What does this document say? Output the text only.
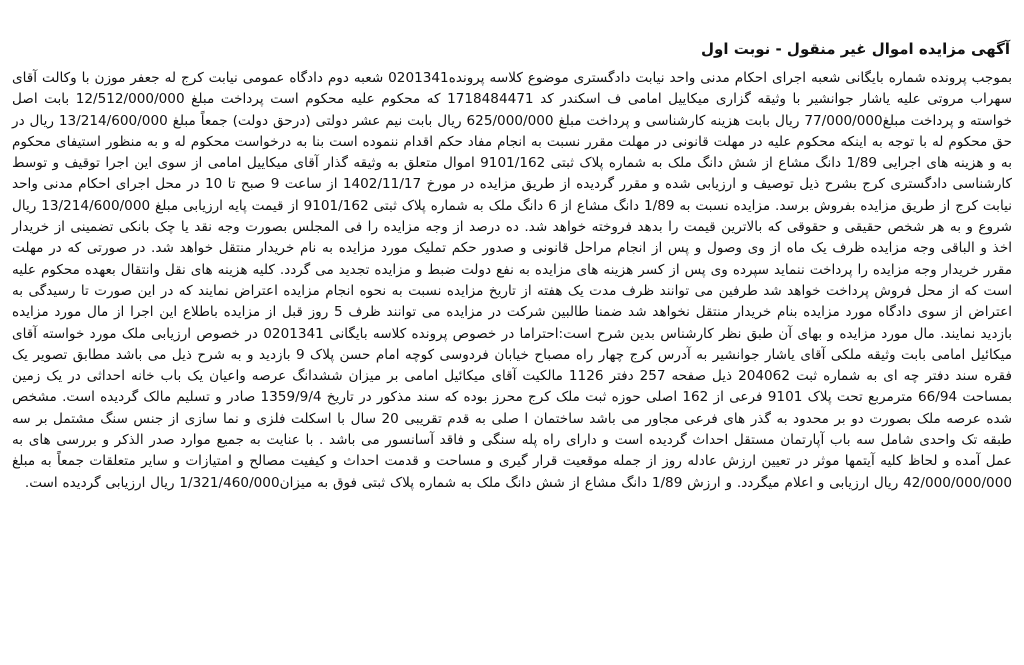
آگهی مزایده اموال غیر منقول - نوبت اول

بموجب پرونده شماره بایگانی شعبه اجرای احکام مدنی واحد نیابت دادگستری موضوع کلاسه پرونده0201341 شعبه دوم دادگاه عمومی نیابت کرج له جعفر موزن با وکالت آقای سهراب مروتی علیه یاشار جوانشیر با وثیقه گزاری میکاییل امامی ف اسکندر کد 1718484471 که محکوم علیه محکوم است پرداخت مبلغ 12/512/000/000 بابت اصل خواسته و پرداخت مبلغ77/000/000 ریال بابت هزینه کارشناسی و پرداخت مبلغ 625/000/000 ریال بابت نیم عشر دولتی (درحق دولت) جمعاً مبلغ 13/214/600/000 ریال در حق محکوم له با توجه به اینکه محکوم علیه در مهلت قانونی در مهلت مقرر نسبت به انجام مفاد حکم اقدام ننموده است بنا به درخواست محکوم له و به منظور استیفای محکوم به و هزینه های اجرایی 1/89 دانگ مشاع از شش دانگ ملک به شماره پلاک ثبتی 9101/162 اموال متعلق به وثیقه گذار آقای میکاییل امامی از سوی این اجرا توقیف و توسط کارشناسی دادگستری کرج بشرح ذیل توصیف و ارزیابی شده و مقرر گردیده از طریق مزایده در مورخ 1402/11/17 از ساعت 9 صبح تا 10 در محل اجرای احکام مدنی واحد نیابت کرج از طریق مزایده بفروش برسد. مزایده نسبت به 1/89 دانگ مشاع از 6 دانگ ملک به شماره پلاک ثبتی 9101/162 از قیمت پایه ارزیابی مبلغ 13/214/600/000 ریال شروع و به هر شخص حقیقی و حقوقی که بالاترین قیمت را بدهد فروخته خواهد شد. ده درصد از وجه مزایده را فی المجلس بصورت وجه نقد یا چک بانکی تضمینی از خریدار اخذ و الباقی وجه مزایده ظرف یک ماه از وی وصول و پس از انجام مراحل قانونی و صدور حکم تملیک مورد مزایده به نام خریدار منتقل خواهد شد. در صورتی که در مهلت مقرر خریدار وجه مزایده را پرداخت ننماید سپرده وی پس از کسر هزینه های مزایده به نفع دولت ضبط و مزایده تجدید می گردد. کلیه هزینه های نقل وانتقال بعهده محکوم علیه است که از محل فروش پرداخت خواهد شد طرفین می توانند ظرف مدت یک هفته از تاریخ مزایده نسبت به نحوه انجام مزایده اعتراض نمایند که در این صورت تا رسیدگی به اعتراض از سوی دادگاه مورد مزایده بنام خریدار منتقل نخواهد شد ضمنا طالبین شرکت در مزایده می توانند ظرف 5 روز قبل از مزایده باطلاع این اجرا از مال مورد مزایده بازدید نمایند. مال مورد مزایده و بهای آن طبق نظر کارشناس بدین شرح است:احتراما در خصوص پرونده کلاسه بایگانی 0201341 در خصوص ارزیابی ملک مورد خواسته آقای میکائیل امامی بابت وثیقه ملکی آقای یاشار جوانشیر به آدرس کرج چهار راه مصباح خیابان فردوسی کوچه امام حسن پلاک 9 بازدید و به شرح ذیل می باشد مطابق تصویر یک فقره سند دفتر چه ای به شماره ثبت 204062 ذیل صفحه 257 دفتر 1126 مالکیت آقای میکائیل امامی بر میزان ششدانگ عرصه واعیان یک باب خانه احداثی در یک زمین بمساحت 66/94 مترمربع تحت پلاک 9101 فرعی از 162 اصلی حوزه ثبت ملک کرج محرز بوده که سند مذکور در تاریخ 1359/9/4 صادر و تسلیم مالک گردیده است. مشخص شده عرصه ملک بصورت دو بر محدود به گذر های فرعی مجاور می باشد ساختمان ا صلی به قدم تقریبی 20 سال با اسکلت فلزی و نما سازی از جنس سنگ مشتمل بر سه طبقه تک واحدی شامل سه باب آپارتمان مستقل احداث گردیده است و دارای راه پله سنگی و فاقد آسانسور می باشد . با عنایت به جمیع موارد صدر الذکر و بررسی های به عمل آمده و لحاظ کلیه آیتمها موثر در تعیین ارزش عادله روز از جمله موقعیت قرار گیری و مساحت و قدمت احداث و کیفیت مصالح و امتیازات و سایر متعلقات جمعاً به مبلغ 42/000/000/000 ریال ارزیابی و اعلام میگردد. و ارزش 1/89 دانگ مشاع از شش دانگ ملک به شماره پلاک ثبتی فوق به میزان1/321/460/000 ریال ارزیابی گردیده است.
